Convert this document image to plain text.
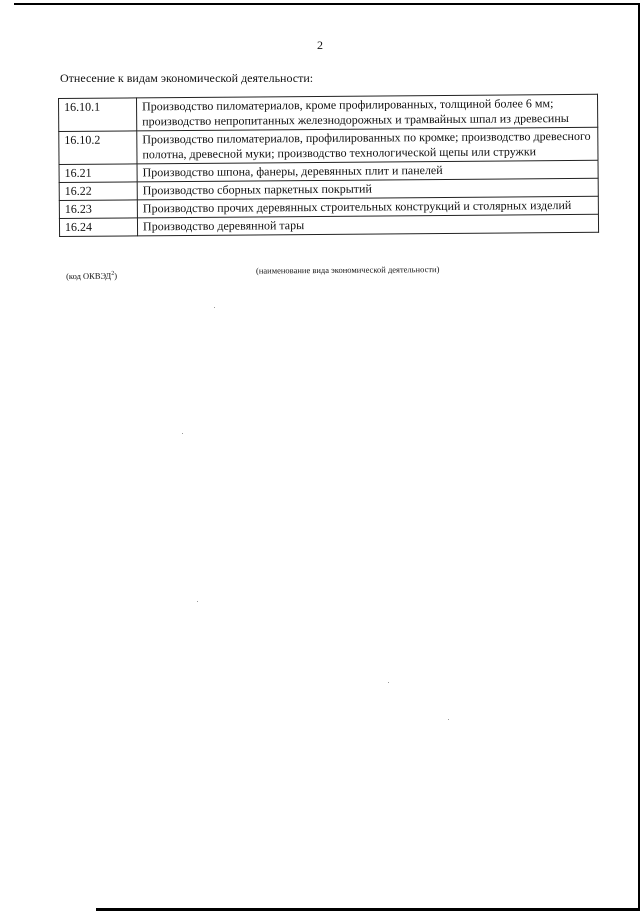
2
Отнесение к видам экономической деятельности:
16.10.1	Производство пиломатериалов, кроме профилированных, толщиной более 6 мм; производство непропитанных железнодорожных и трамвайных шпал из древесины
16.10.2	Производство пиломатериалов, профилированных по кромке; производство древесного полотна, древесной муки; производство технологической щепы или стружки
16.21	Производство шпона, фанеры, деревянных плит и панелей
16.22	Производство сборных паркетных покрытий
16.23	Производство прочих деревянных строительных конструкций и столярных изделий
16.24	Производство деревянной тары
(код ОКВЭД$^2$)
(наименование вида экономической деятельности)
